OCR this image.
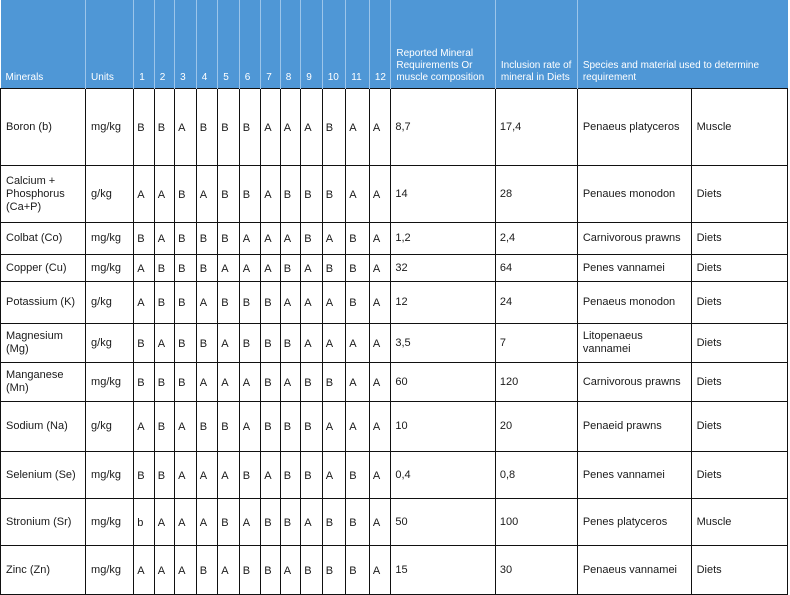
Minerals	Units	1	2	3	4	5	6	7	8	9	10	11	12	Reported Mineral Requirements Or muscle composition	Inclusion rate of mineral in Diets	Species and material used to determine requirement	
Boron (b)	mg/kg	B	B	A	B	B	B	A	A	A	B	A	A	8,7	17,4	Penaeus platyceros	Muscle
Calcium + Phosphorus (Ca+P)	g/kg	A	A	B	A	B	B	A	B	B	B	A	A	14	28	Penaues monodon	Diets
Colbat (Co)	mg/kg	B	A	B	B	B	A	A	A	B	A	B	A	1,2	2,4	Carnivorous prawns	Diets
Copper (Cu)	mg/kg	A	B	B	B	A	A	A	B	A	B	B	A	32	64	Penes vannamei	Diets
Potassium (K)	g/kg	A	B	B	A	B	B	B	A	A	A	B	A	12	24	Penaeus monodon	Diets
Magnesium (Mg)	g/kg	B	A	B	B	A	B	B	B	A	A	A	A	3,5	7	Litopenaeus vannamei	Diets
Manganese (Mn)	mg/kg	B	B	B	A	A	A	B	A	B	B	A	A	60	120	Carnivorous prawns	Diets
Sodium (Na)	g/kg	A	B	A	B	B	A	B	B	B	A	A	A	10	20	Penaeid prawns	Diets
Selenium (Se)	mg/kg	B	B	A	A	A	B	A	B	B	A	B	A	0,4	0,8	Penes vannamei	Diets
Stronium (Sr)	mg/kg	b	A	A	A	B	A	B	B	A	B	B	A	50	100	Penes platyceros	Muscle
Zinc (Zn)	mg/kg	A	A	A	B	A	B	B	A	B	B	B	A	15	30	Penaeus vannamei	Diets
